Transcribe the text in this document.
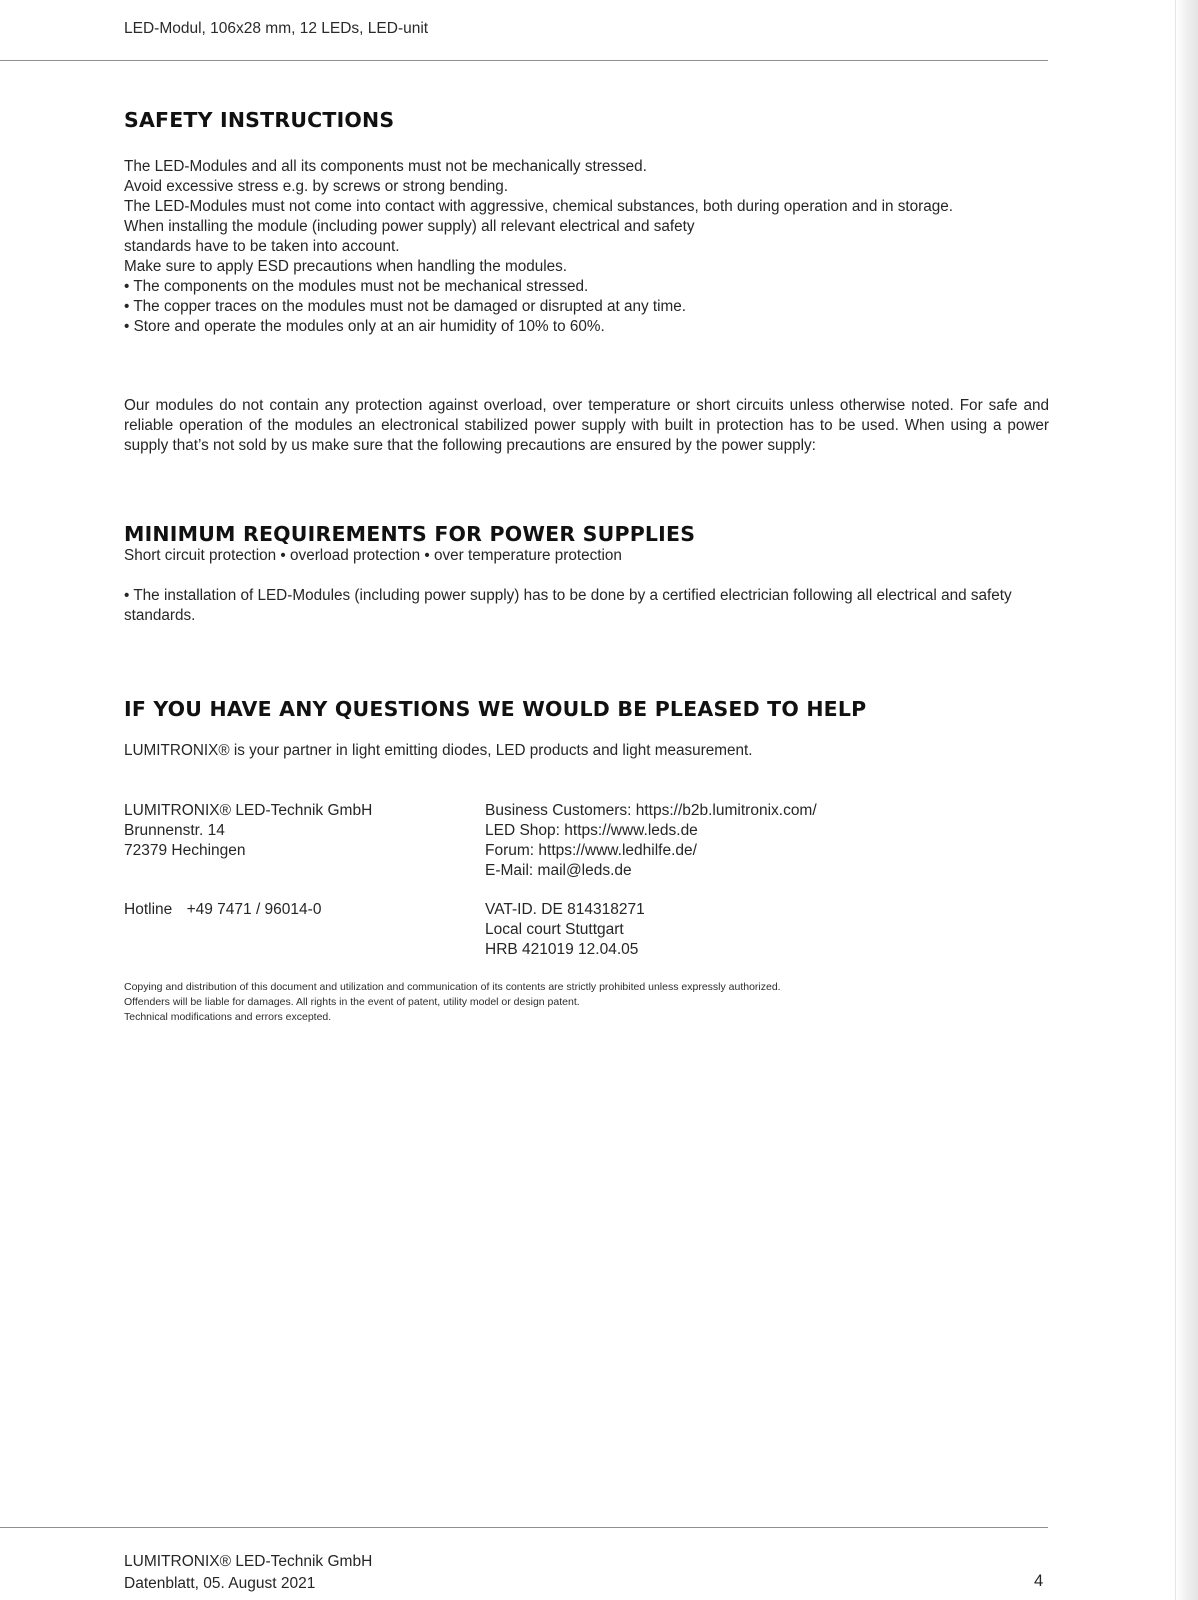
LED-Modul, 106x28 mm, 12 LEDs, LED-unit
SAFETY INSTRUCTIONS

The LED-Modules and all its components must not be mechanically stressed.

Avoid excessive stress e.g. by screws or strong bending.

The LED-Modules must not come into contact with aggressive, chemical substances, both during operation and in storage.

When installing the module (including power supply) all relevant electrical and safety

standards have to be taken into account.

Make sure to apply ESD precautions when handling the modules.

• The components on the modules must not be mechanical stressed.

• The copper traces on the modules must not be damaged or disrupted at any time.

• Store and operate the modules only at an air humidity of 10% to 60%.

Our modules do not contain any protection against overload, over temperature or short circuits unless otherwise noted. For safe and reliable operation of the modules an electronical stabilized power supply with built in protection has to be used. When using a power supply that’s not sold by us make sure that the following precautions are ensured by the power supply:
MINIMUM REQUIREMENTS FOR POWER SUPPLIES
Short circuit protection • overload protection • over temperature protection
• The installation of LED-Modules (including power supply) has to be done by a certified electrician following all electrical and safety standards.
IF YOU HAVE ANY QUESTIONS WE WOULD BE PLEASED TO HELP
LUMITRONIX® is your partner in light emitting diodes, LED products and light measurement.
LUMITRONIX® LED-Technik GmbH
Brunnenstr. 14
72379 Hechingen
Business Customers: https://b2b.lumitronix.com/
LED Shop: https://www.leds.de
Forum: https://www.ledhilfe.de/
E-Mail: mail@leds.de
Hotline +49 7471 / 96014-0	VAT-ID. DE 814318271
Local court Stuttgart
HRB 421019 12.04.05
Copying and distribution of this document and utilization and communication of its contents are strictly prohibited unless expressly authorized.
Offenders will be liable for damages. All rights in the event of patent, utility model or design patent.
Technical modifications and errors excepted.
LUMITRONIX® LED-Technik GmbH
Datenblatt, 05. August 2021	4
